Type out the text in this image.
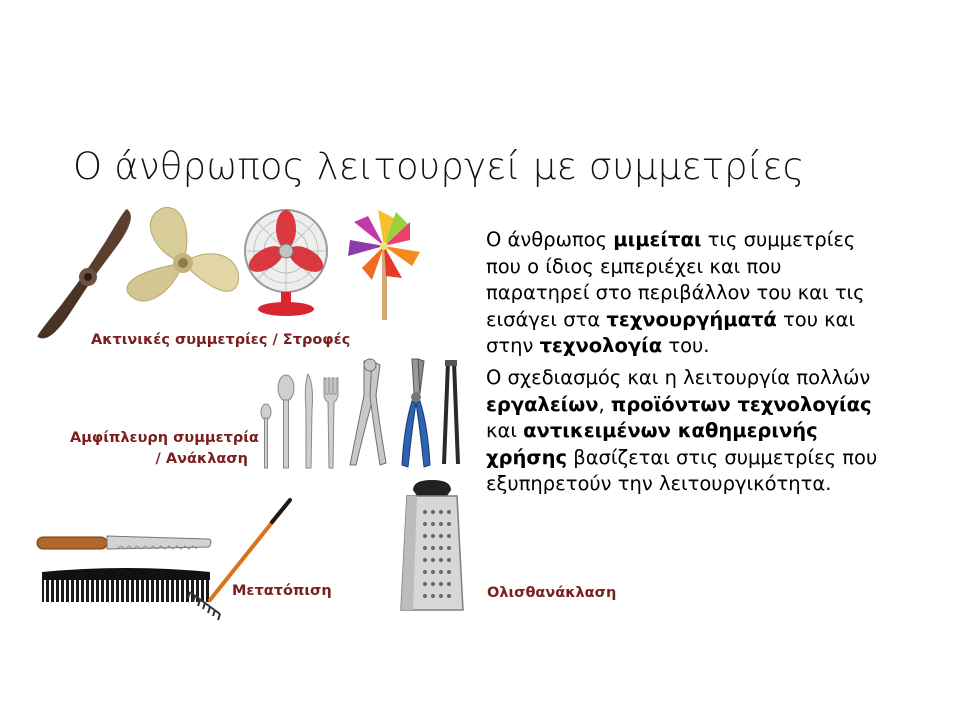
Ο άνθρωπος λειτουργεί με συμμετρίες
Ο άνθρωπος μιμείται τις συμμετρίες που ο ίδιος εμπεριέχει και που παρατηρεί στο περιβάλλον του και τις εισάγει στα τεχνουργήματά του και στην τεχνολογία του.
Ο σχεδιασμός και η λειτουργία πολλών εργαλείων, προϊόντων τεχνολογίας και αντικειμένων καθημερινής χρήσης βασίζεται στις συμμετρίες που εξυπηρετούν την λειτουργικότητα.
Ακτινικές συμμετρίες / Στροφές
Αμφίπλευρη συμμετρία
/ Ανάκλαση
Μετατόπιση	Ολισθανάκλαση
